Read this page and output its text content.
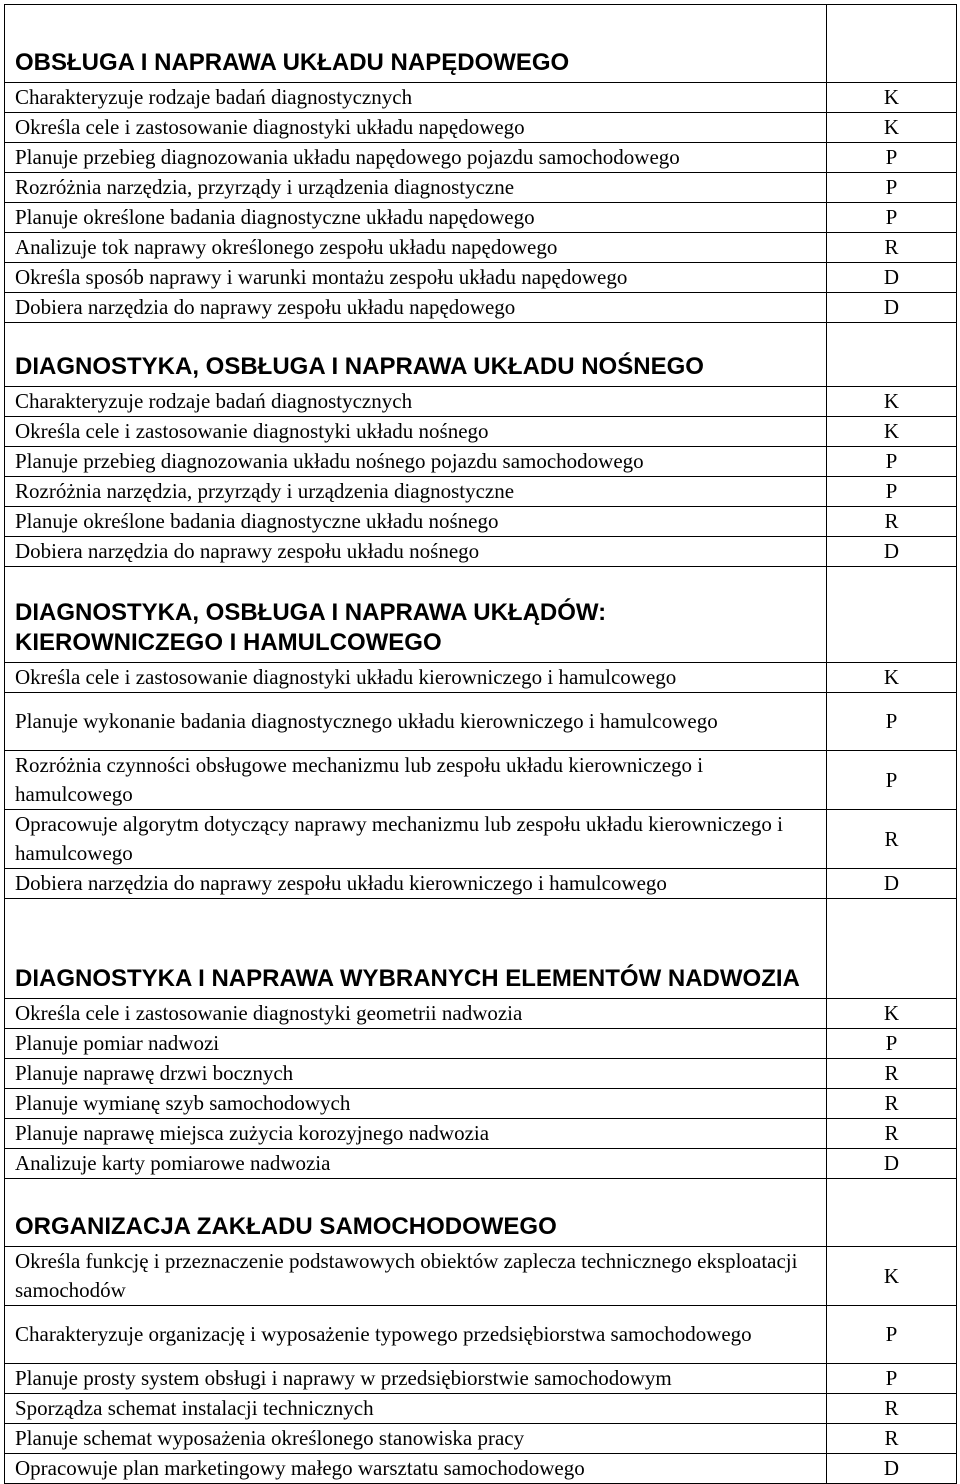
OBSŁUGA I NAPRAWA UKŁADU NAPĘDOWEGO	
Charakteryzuje rodzaje badań diagnostycznych	K
Określa cele i zastosowanie diagnostyki układu napędowego	K
Planuje przebieg diagnozowania układu napędowego pojazdu samochodowego	P
Rozróżnia narzędzia, przyrządy i urządzenia diagnostyczne	P
Planuje określone badania diagnostyczne układu napędowego	P
Analizuje tok naprawy określonego zespołu układu napędowego	R
Określa sposób naprawy i warunki montażu zespołu układu napędowego	D
Dobiera narzędzia do naprawy zespołu układu napędowego	D
DIAGNOSTYKA, OSBŁUGA I NAPRAWA UKŁADU NOŚNEGO	
Charakteryzuje rodzaje badań diagnostycznych	K
Określa cele i zastosowanie diagnostyki układu nośnego	K
Planuje przebieg diagnozowania układu nośnego pojazdu samochodowego	P
Rozróżnia narzędzia, przyrządy i urządzenia diagnostyczne	P
Planuje określone badania diagnostyczne układu nośnego	R
Dobiera narzędzia do naprawy zespołu układu nośnego	D
DIAGNOSTYKA, OSBŁUGA I NAPRAWA UKŁĄDÓW: KIEROWNICZEGO I HAMULCOWEGO	
Określa cele i zastosowanie diagnostyki układu kierowniczego i hamulcowego	K
Planuje wykonanie badania diagnostycznego układu kierowniczego i hamulcowego	P
Rozróżnia czynności obsługowe mechanizmu lub zespołu układu kierowniczego i hamulcowego	P
Opracowuje algorytm dotyczący naprawy mechanizmu lub zespołu układu kierowniczego i hamulcowego	R
Dobiera narzędzia do naprawy zespołu układu kierowniczego i hamulcowego	D
DIAGNOSTYKA I NAPRAWA WYBRANYCH ELEMENTÓW NADWOZIA	
Określa cele i zastosowanie diagnostyki geometrii nadwozia	K
Planuje pomiar nadwozi	P
Planuje naprawę drzwi bocznych	R
Planuje wymianę szyb samochodowych	R
Planuje naprawę miejsca zużycia korozyjnego nadwozia	R
Analizuje karty pomiarowe nadwozia	D
ORGANIZACJA ZAKŁADU SAMOCHODOWEGO	
Określa funkcję i przeznaczenie podstawowych obiektów zaplecza technicznego eksploatacji samochodów	K
Charakteryzuje organizację i wyposażenie typowego przedsiębiorstwa samochodowego	P
Planuje prosty system obsługi i naprawy w przedsiębiorstwie samochodowym	P
Sporządza schemat instalacji technicznych	R
Planuje schemat wyposażenia określonego stanowiska pracy	R
Opracowuje plan marketingowy małego warsztatu samochodowego	D
